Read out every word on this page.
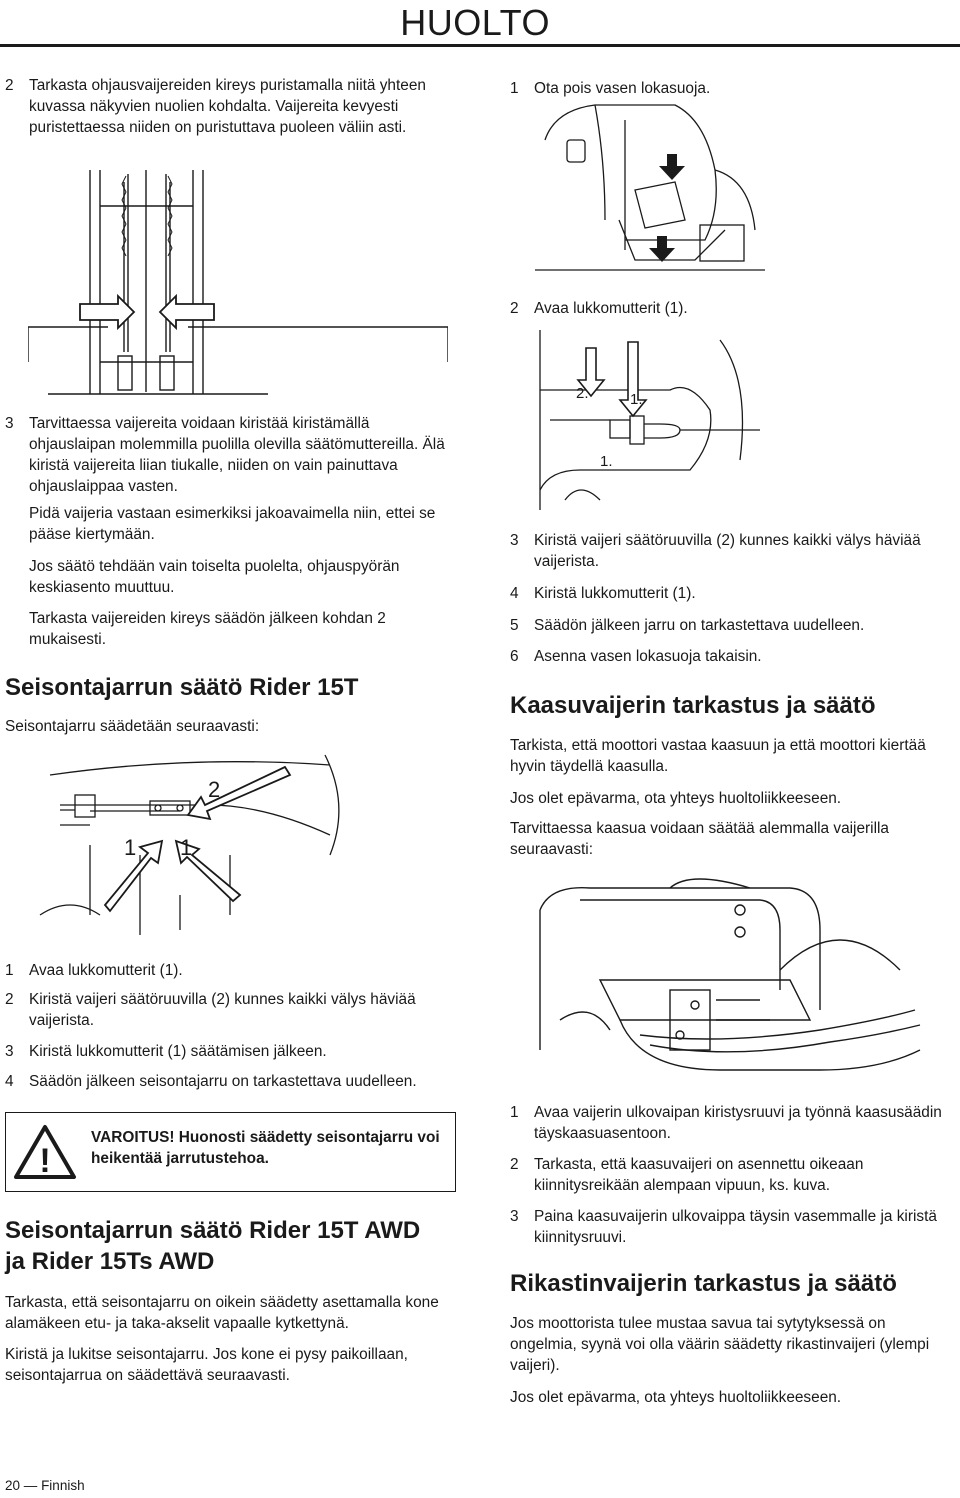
HUOLTO
2	Tarkasta ohjausvaijereiden kireys puristamalla niitä yhteen kuvassa näkyvien nuolien kohdalta. Vaijereita kevyesti puristettaessa niiden on puristuttava puoleen väliin asti.
3	Tarvittaessa vaijereita voidaan kiristää kiristämällä ohjauslaipan molemmilla puolilla olevilla säätömuttereilla. Älä kiristä vaijereita liian tiukalle, niiden on vain painuttava ohjauslaippaa vasten.
Pidä vaijeria vastaan esimerkiksi jakoavaimella niin, ettei se pääse kiertymään.
Jos säätö tehdään vain toiselta puolelta, ohjauspyörän keskiasento muuttuu.
Tarkasta vaijereiden kireys säädön jälkeen kohdan 2 mukaisesti.
Seisontajarrun säätö Rider 15T
Seisontajarru säädetään seuraavasti:
2
1 1
1	Avaa lukkomutterit (1).
2	Kiristä vaijeri säätöruuvilla (2) kunnes kaikki välys häviää vaijerista.
3	Kiristä lukkomutterit (1) säätämisen jälkeen.
4	Säädön jälkeen seisontajarru on tarkastettava uudelleen.
!
VAROITUS! Huonosti säädetty seisontajarru voi heikentää jarrutustehoa.
Seisontajarrun säätö Rider 15T AWD
ja Rider 15Ts AWD
Tarkasta, että seisontajarru on oikein säädetty asettamalla kone alamäkeen etu- ja taka-akselit vapaalle kytkettynä.
Kiristä ja lukitse seisontajarru. Jos kone ei pysy paikoillaan, seisontajarrua on säädettävä seuraavasti.
1	Ota pois vasen lokasuoja.
2	Avaa lukkomutterit (1).
2.	1.
1.
3	Kiristä vaijeri säätöruuvilla (2) kunnes kaikki välys häviää vaijerista.
4	Kiristä lukkomutterit (1).
5	Säädön jälkeen jarru on tarkastettava uudelleen.
6	Asenna vasen lokasuoja takaisin.
Kaasuvaijerin tarkastus ja säätö
Tarkista, että moottori vastaa kaasuun ja että moottori kiertää hyvin täydellä kaasulla.
Jos olet epävarma, ota yhteys huoltoliikkeeseen.
Tarvittaessa kaasua voidaan säätää alemmalla vaijerilla seuraavasti:
1	Avaa vaijerin ulkovaipan kiristysruuvi ja työnnä kaasusäädin täyskaasuasentoon.
2	Tarkasta, että kaasuvaijeri on asennettu oikeaan kiinnitysreikään alempaan vipuun, ks. kuva.
3	Paina kaasuvaijerin ulkovaippa täysin vasemmalle ja kiristä kiinnitysruuvi.
Rikastinvaijerin tarkastus ja säätö
Jos moottorista tulee mustaa savua tai sytytyksessä on ongelmia, syynä voi olla väärin säädetty rikastinvaijeri (ylempi vaijeri).
Jos olet epävarma, ota yhteys huoltoliikkeeseen.
20 — Finnish
